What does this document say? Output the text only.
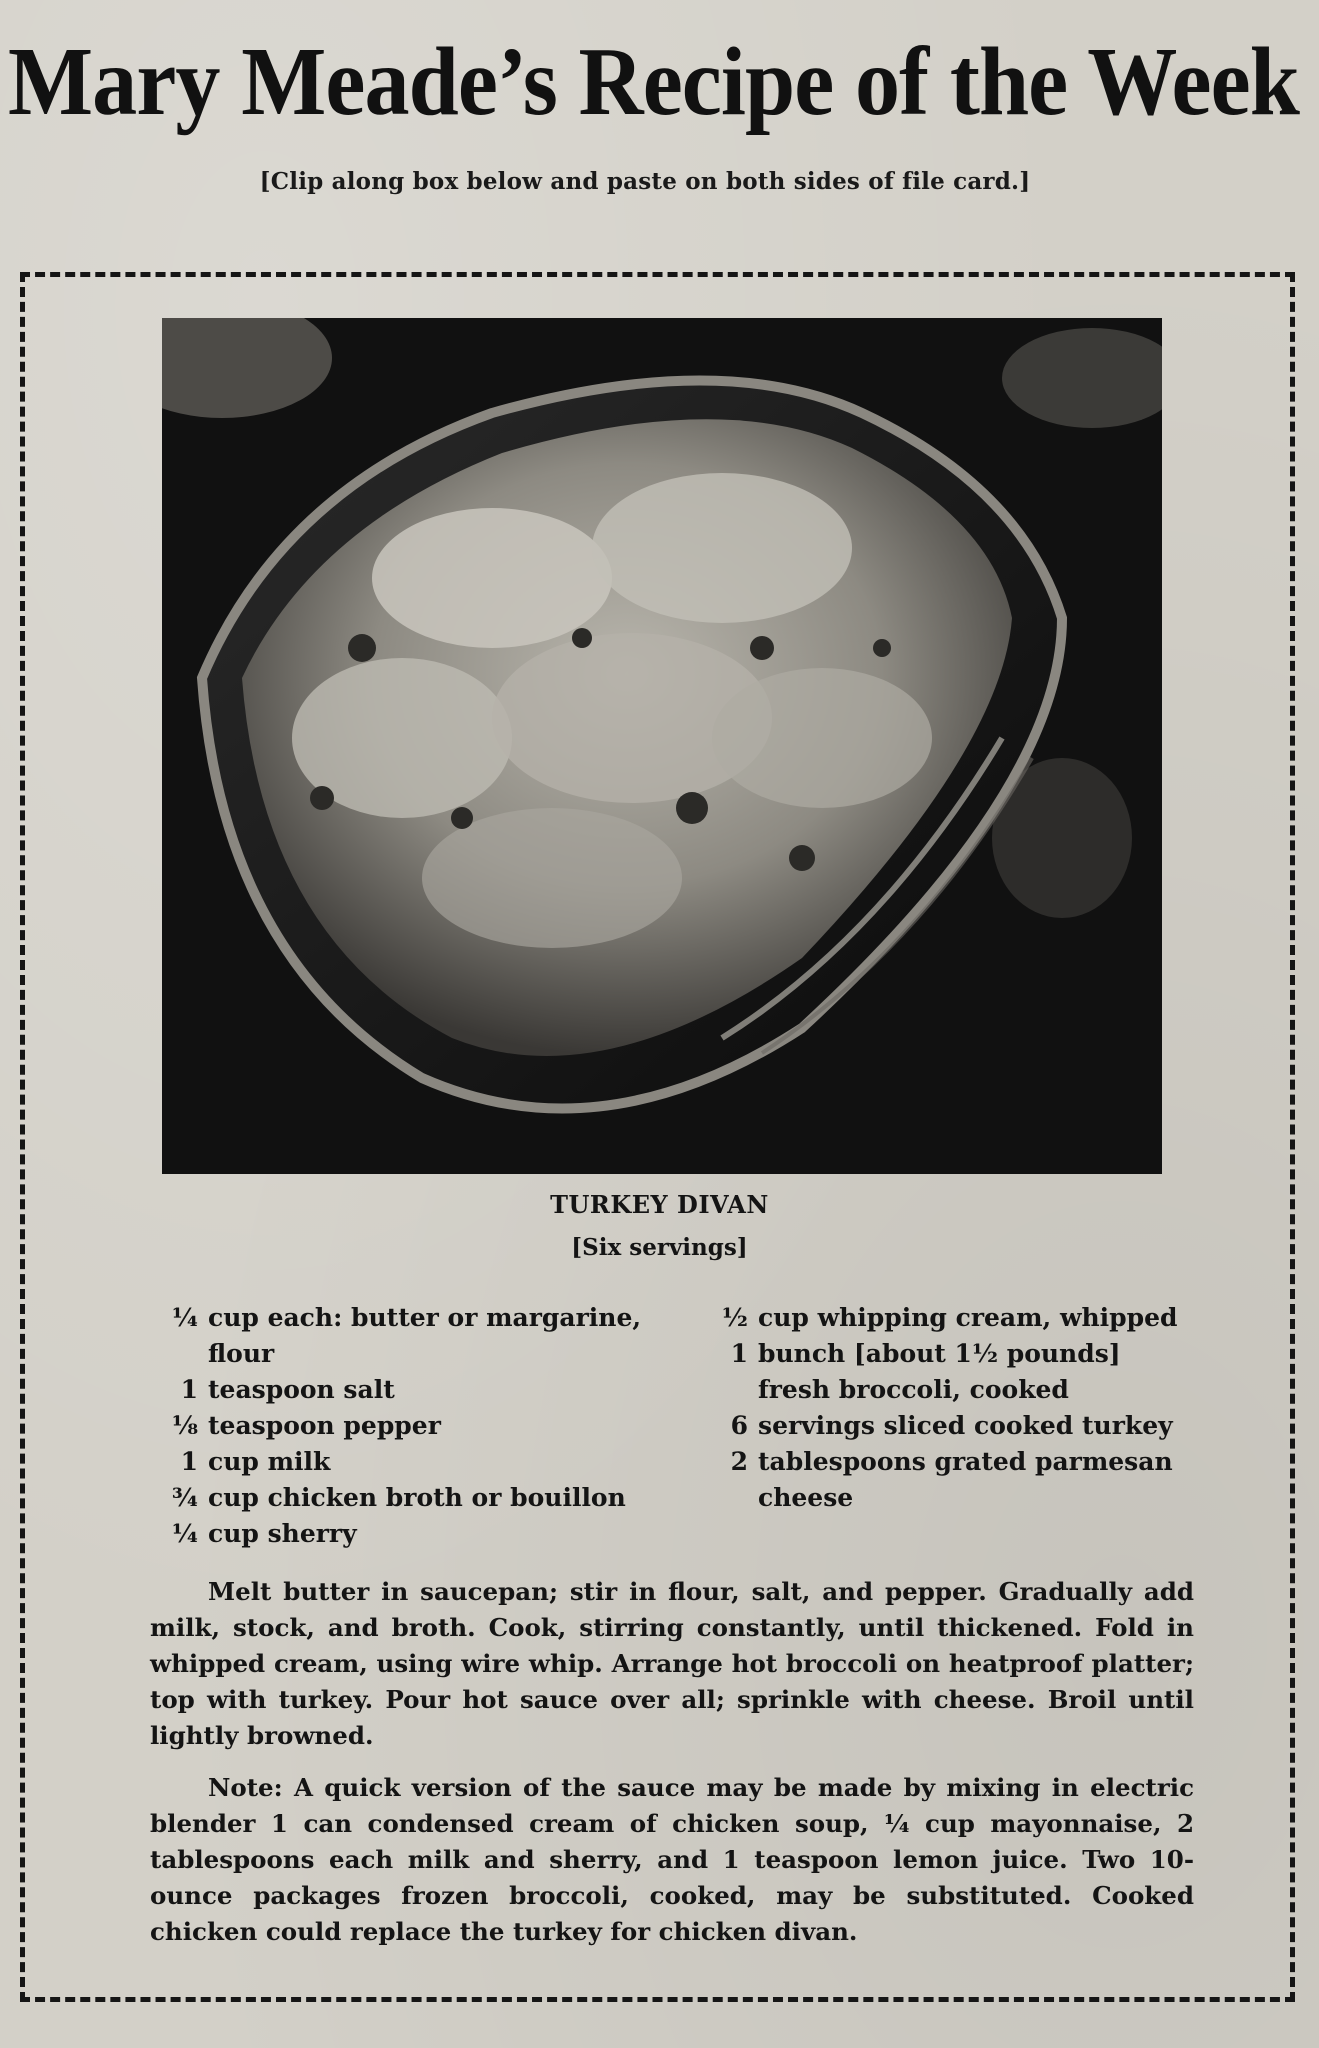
Mary Meade’s Recipe of the Week
[Clip along box below and paste on both sides of file card.]
TURKEY DIVAN
[Six servings]
¼ cup each: butter or margarine, flour
1 teaspoon salt
⅛ teaspoon pepper
1 cup milk
¾ cup chicken broth or bouillon
¼ cup sherry
½ cup whipping cream, whipped
1 bunch [about 1½ pounds] fresh broccoli, cooked
6 servings sliced cooked turkey
2 tablespoons grated parmesan cheese

Melt butter in saucepan; stir in flour, salt, and pepper. Gradually add milk, stock, and broth. Cook, stirring constantly, until thickened. Fold in whipped cream, using wire whip. Arrange hot broccoli on heatproof platter; top with turkey. Pour hot sauce over all; sprinkle with cheese. Broil until lightly browned.

Note: A quick version of the sauce may be made by mixing in electric blender 1 can condensed cream of chicken soup, ¼ cup mayonnaise, 2 tablespoons each milk and sherry, and 1 teaspoon lemon juice. Two 10-ounce packages frozen broccoli, cooked, may be substituted. Cooked chicken could replace the turkey for chicken divan.
